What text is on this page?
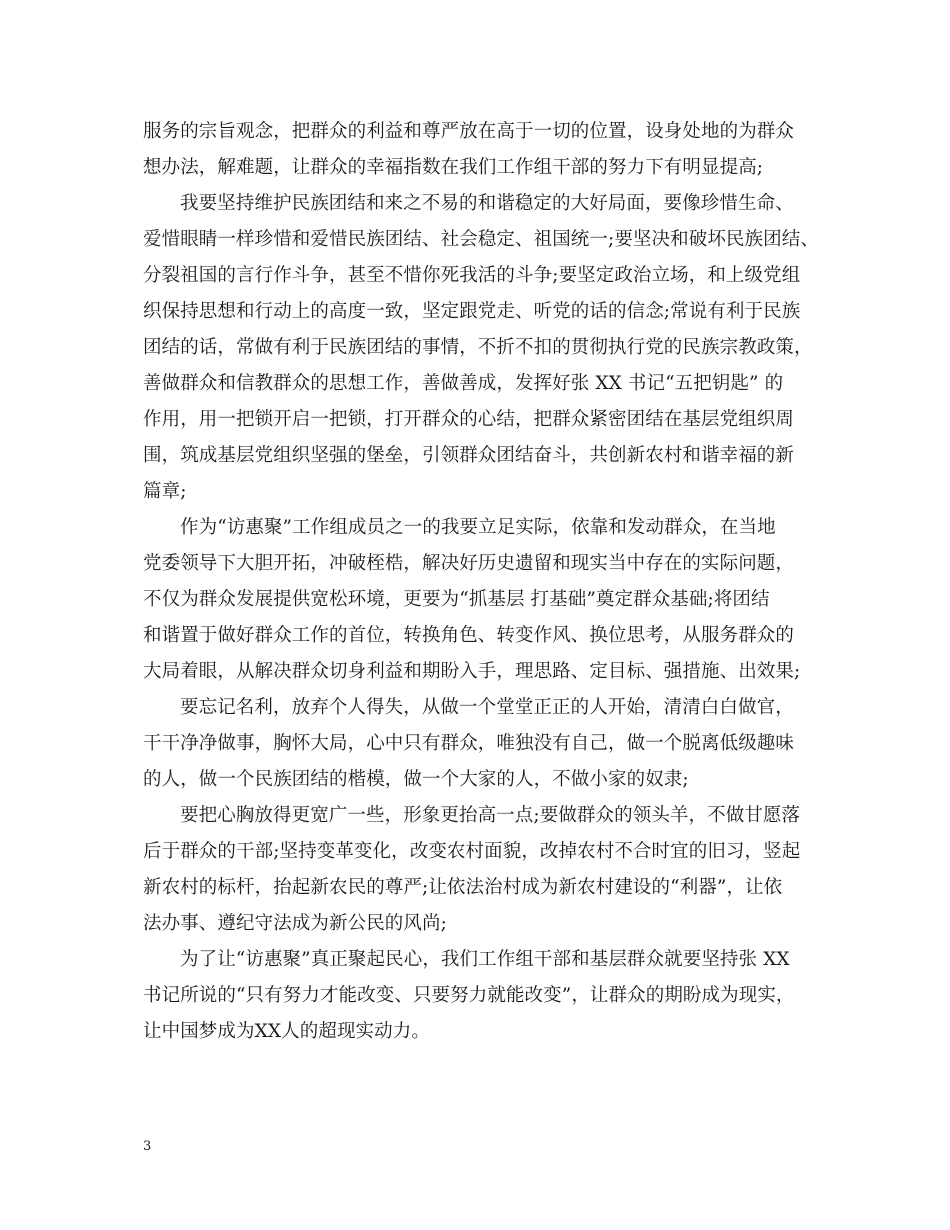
服务的宗旨观念，把群众的利益和尊严放在高于一切的位置，设身处地的为群众
想办法，解难题，让群众的幸福指数在我们工作组干部的努力下有明显提高;
我要坚持维护民族团结和来之不易的和谐稳定的大好局面，要像珍惜生命、
爱惜眼睛一样珍惜和爱惜民族团结、社会稳定、祖国统一;要坚决和破坏民族团结、
分裂祖国的言行作斗争，甚至不惜你死我活的斗争;要坚定政治立场，和上级党组
织保持思想和行动上的高度一致，坚定跟党走、听党的话的信念;常说有利于民族
团结的话，常做有利于民族团结的事情，不折不扣的贯彻执行党的民族宗教政策，
善做群众和信教群众的思想工作，善做善成，发挥好张 XX 书记“五把钥匙” 的
作用，用一把锁开启一把锁，打开群众的心结，把群众紧密团结在基层党组织周
围，筑成基层党组织坚强的堡垒，引领群众团结奋斗，共创新农村和谐幸福的新
篇章;
作为“访惠聚”工作组成员之一的我要立足实际，依靠和发动群众，在当地
党委领导下大胆开拓，冲破桎梏，解决好历史遗留和现实当中存在的实际问题，
不仅为群众发展提供宽松环境，更要为“抓基层 打基础”奠定群众基础;将团结
和谐置于做好群众工作的首位，转换角色、转变作风、换位思考，从服务群众的
大局着眼，从解决群众切身利益和期盼入手，理思路、定目标、强措施、出效果;
要忘记名利，放弃个人得失，从做一个堂堂正正的人开始，清清白白做官，
干干净净做事，胸怀大局，心中只有群众，唯独没有自己，做一个脱离低级趣味
的人，做一个民族团结的楷模，做一个大家的人，不做小家的奴隶;
要把心胸放得更宽广一些，形象更抬高一点;要做群众的领头羊，不做甘愿落
后于群众的干部;坚持变革变化，改变农村面貌，改掉农村不合时宜的旧习，竖起
新农村的标杆，抬起新农民的尊严;让依法治村成为新农村建设的“利器”，让依
法办事、遵纪守法成为新公民的风尚;
为了让“访惠聚”真正聚起民心，我们工作组干部和基层群众就要坚持张 XX
书记所说的“只有努力才能改变、只要努力就能改变”，让群众的期盼成为现实，
让中国梦成为XX人的超现实动力。
3
